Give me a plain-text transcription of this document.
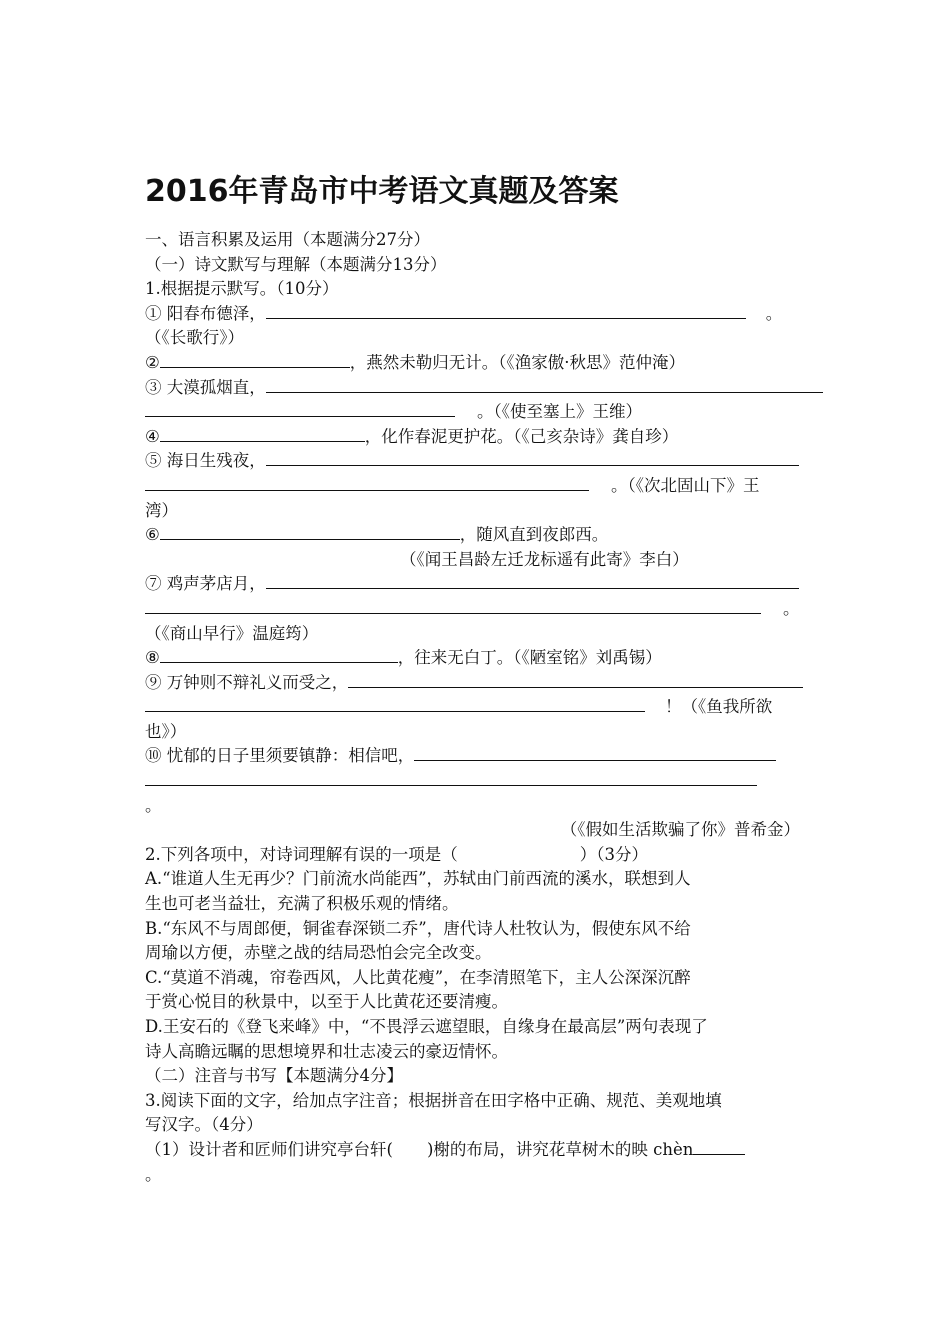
2016年青岛市中考语文真题及答案
一、语言积累及运用（本题满分27分）
（一）诗文默写与理解（本题满分13分）
1.根据提示默写。（10分）
① 阳春布德泽，	。
（《长歌行》）
②	，燕然未勒归无计。（《渔家傲·秋思》范仲淹）
③ 大漠孤烟直，
。（《使至塞上》王维）
④	，化作春泥更护花。（《己亥杂诗》龚自珍）
⑤ 海日生残夜，
。（《次北固山下》王
湾）
⑥	，随风直到夜郎西。
（《闻王昌龄左迁龙标遥有此寄》李白）
⑦ 鸡声茅店月，
。
（《商山早行》温庭筠）
⑧	，往来无白丁。（《陋室铭》刘禹锡）
⑨ 万钟则不辩礼义而受之，
！（《鱼我所欲
也》）
⑩ 忧郁的日子里须要镇静：相信吧，
。
（《假如生活欺骗了你》普希金）
2.下列各项中，对诗词理解有误的一项是（	）（3分）
A.“谁道人生无再少？门前流水尚能西”，苏轼由门前西流的溪水，联想到人
生也可老当益壮，充满了积极乐观的情绪。
B.“东风不与周郎便，铜雀春深锁二乔”，唐代诗人杜牧认为，假使东风不给
周瑜以方便，赤壁之战的结局恐怕会完全改变。
C.“莫道不消魂，帘卷西风，人比黄花瘦”，在李清照笔下，主人公深深沉醉
于赏心悦目的秋景中，以至于人比黄花还要清瘦。
D.王安石的《登飞来峰》中，“不畏浮云遮望眼，自缘身在最高层”两句表现了
诗人高瞻远瞩的思想境界和壮志凌云的豪迈情怀。
（二）注音与书写【本题满分4分】
3.阅读下面的文字，给加点字注音；根据拼音在田字格中正确、规范、美观地填
写汉字。（4分）
（1）设计者和匠师们讲究亭台轩( )榭的布局，讲究花草树木的映 chèn
。
